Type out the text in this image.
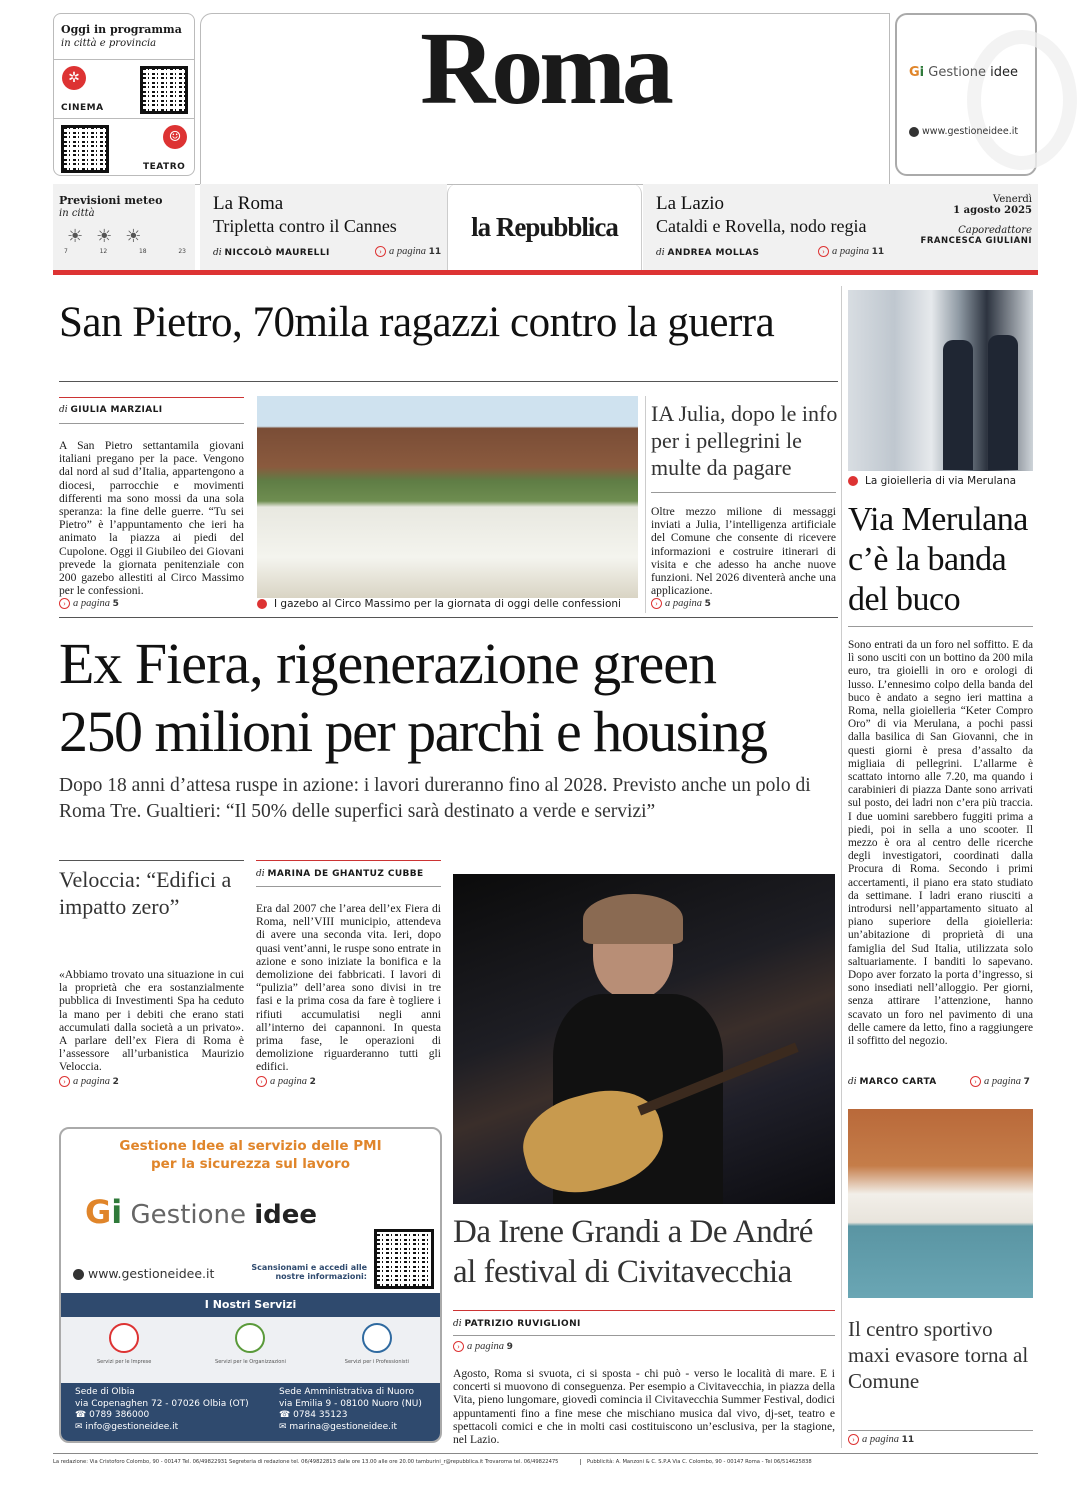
Oggi in programma
in città e provincia
✲
CINEMA
☺
TEATRO
Roma	Gi Gestione idee
www.gestioneidee.it
Previsioni meteo
in città
☀☀☀
7	12	18	23
La Roma
Tripletta contro il Cannes
di NICCOLÒ MAURELLI	› a pagina 11
la Repubblica
La Lazio
Cataldi e Rovella, nodo regia
di ANDREA MOLLAS	› a pagina 11
Venerdì
1 agosto 2025
Caporedattore
FRANCESCA GIULIANI
San Pietro, 70mila ragazzi contro la guerra
di GIULIA MARZIALI
A San Pietro settantamila giovani italiani pregano per la pace. Vengono dal nord al sud d’Italia, appartengono a diocesi, parrocchie e movimenti differenti ma sono mossi da una sola speranza: la fine delle guerre. “Tu sei Pietro” è l’appuntamento che ieri ha animato la piazza ai piedi del Cupolone. Oggi il Giubileo dei Giovani prevede la giornata penitenziale con 200 gazebo allestiti al Circo Massimo per le confessioni.
› a pagina 5	I gazebo al Circo Massimo per la giornata di oggi delle confessioni
IA Julia, dopo le info per i pellegrini le multe da pagare
Oltre mezzo milione di messaggi inviati a Julia, l’intelligenza artificiale del Comune che consente di ricevere informazioni e costruire itinerari di visita e che adesso ha anche nuove funzioni. Nel 2026 diventerà anche una applicazione.
› a pagina 5
Ex Fiera, rigenerazione green
250 milioni per parchi e housing
Dopo 18 anni d’attesa ruspe in azione: i lavori dureranno fino al 2028. Previsto anche un polo di Roma Tre. Gualtieri: “Il 50% delle superfici sarà destinato a verde e servizi”
Veloccia: “Edifici a impatto zero”
«Abbiamo trovato una situazione in cui la proprietà che era sostanzialmente pubblica di Investimenti Spa ha ceduto la mano per i debiti che erano stati accumulati dalla società a un privato». A parlare dell’ex Fiera di Roma è l’assessore all’urbanistica Maurizio Veloccia.
› a pagina 2
di MARINA DE GHANTUZ CUBBE
Era dal 2007 che l’area dell’ex Fiera di Roma, nell’VIII municipio, attendeva di avere una seconda vita. Ieri, dopo quasi vent’anni, le ruspe sono entrate in azione e sono iniziate la bonifica e la demolizione dei fabbricati. I lavori di “pulizia” dell’area sono divisi in tre fasi e la prima cosa da fare è togliere i rifiuti accumulatisi negli anni all’interno dei capannoni. In questa prima fase, le operazioni di demolizione riguarderanno tutti gli edifici.
› a pagina 2
Da Irene Grandi a De André al festival di Civitavecchia
di PATRIZIO RUVIGLIONI
› a pagina 9
Agosto, Roma si svuota, ci si sposta - chi può - verso le località di mare. E i concerti si muovono di conseguenza. Per esempio a Civitavecchia, in piazza della Vita, pieno lungomare, giovedì comincia il Civitavecchia Summer Festival, dodici appuntamenti fino a fine mese che mischiano musica dal vivo, dj-set, teatro e spettacoli comici e che in molti casi costituiscono un’esclusiva, per la stagione, nel Lazio.
Gestione Idee al servizio delle PMI per la sicurezza sul lavoro
Gi Gestione idee
www.gestioneidee.it	Scansionami e accedi alle nostre informazioni:
I Nostri Servizi
Servizi per le Imprese	Servizi per le Organizzazioni	Servizi per i Professionisti
Sede di Olbia
via Copenaghen 72 - 07026 Olbia (OT)
☎ 0789 386000
✉ info@gestioneidee.it
Sede Amministrativa di Nuoro
via Emilia 9 - 08100 Nuoro (NU)
☎ 0784 35123
✉ marina@gestioneidee.it
La gioielleria di via Merulana
Via Merulana c’è la banda del buco
Sono entrati da un foro nel soffitto. E da lì sono usciti con un bottino da 200 mila euro, tra gioielli in oro e orologi di lusso. L’ennesimo colpo della banda del buco è andato a segno ieri mattina a Roma, nella gioielleria “Keter Compro Oro” di via Merulana, a pochi passi dalla basilica di San Giovanni, che in questi giorni è presa d’assalto da migliaia di pellegrini. L’allarme è scattato intorno alle 7.20, ma quando i carabinieri di piazza Dante sono arrivati sul posto, dei ladri non c’era più traccia. I due uomini sarebbero fuggiti prima a piedi, poi in sella a uno scooter. Il mezzo è ora al centro delle ricerche degli investigatori, coordinati dalla Procura di Roma. Secondo i primi accertamenti, il piano era stato studiato da settimane. I ladri erano riusciti a introdursi nell’appartamento situato al piano superiore della gioielleria: un’abitazione di proprietà di una famiglia del Sud Italia, utilizzata solo saltuariamente. I banditi lo sapevano. Dopo aver forzato la porta d’ingresso, si sono insediati nell’alloggio. Per giorni, senza attirare l’attenzione, hanno scavato un foro nel pavimento di una delle camere da letto, fino a raggiungere il soffitto del negozio.
di MARCO CARTA	› a pagina 7
Il centro sportivo maxi evasore torna al Comune
› a pagina 11
La redazione: Via Cristoforo Colombo, 90 - 00147 Tel. 06/49822931 Segreteria di redazione tel. 06/49822813 dalle ore 13.00 alle ore 20.00 tamburini_r@repubblica.it Trovaroma tel. 06/49822475	Pubblicità: A. Manzoni & C. S.P.A Via C. Colombo, 90 - 00147 Roma - Tel 06/514625838
